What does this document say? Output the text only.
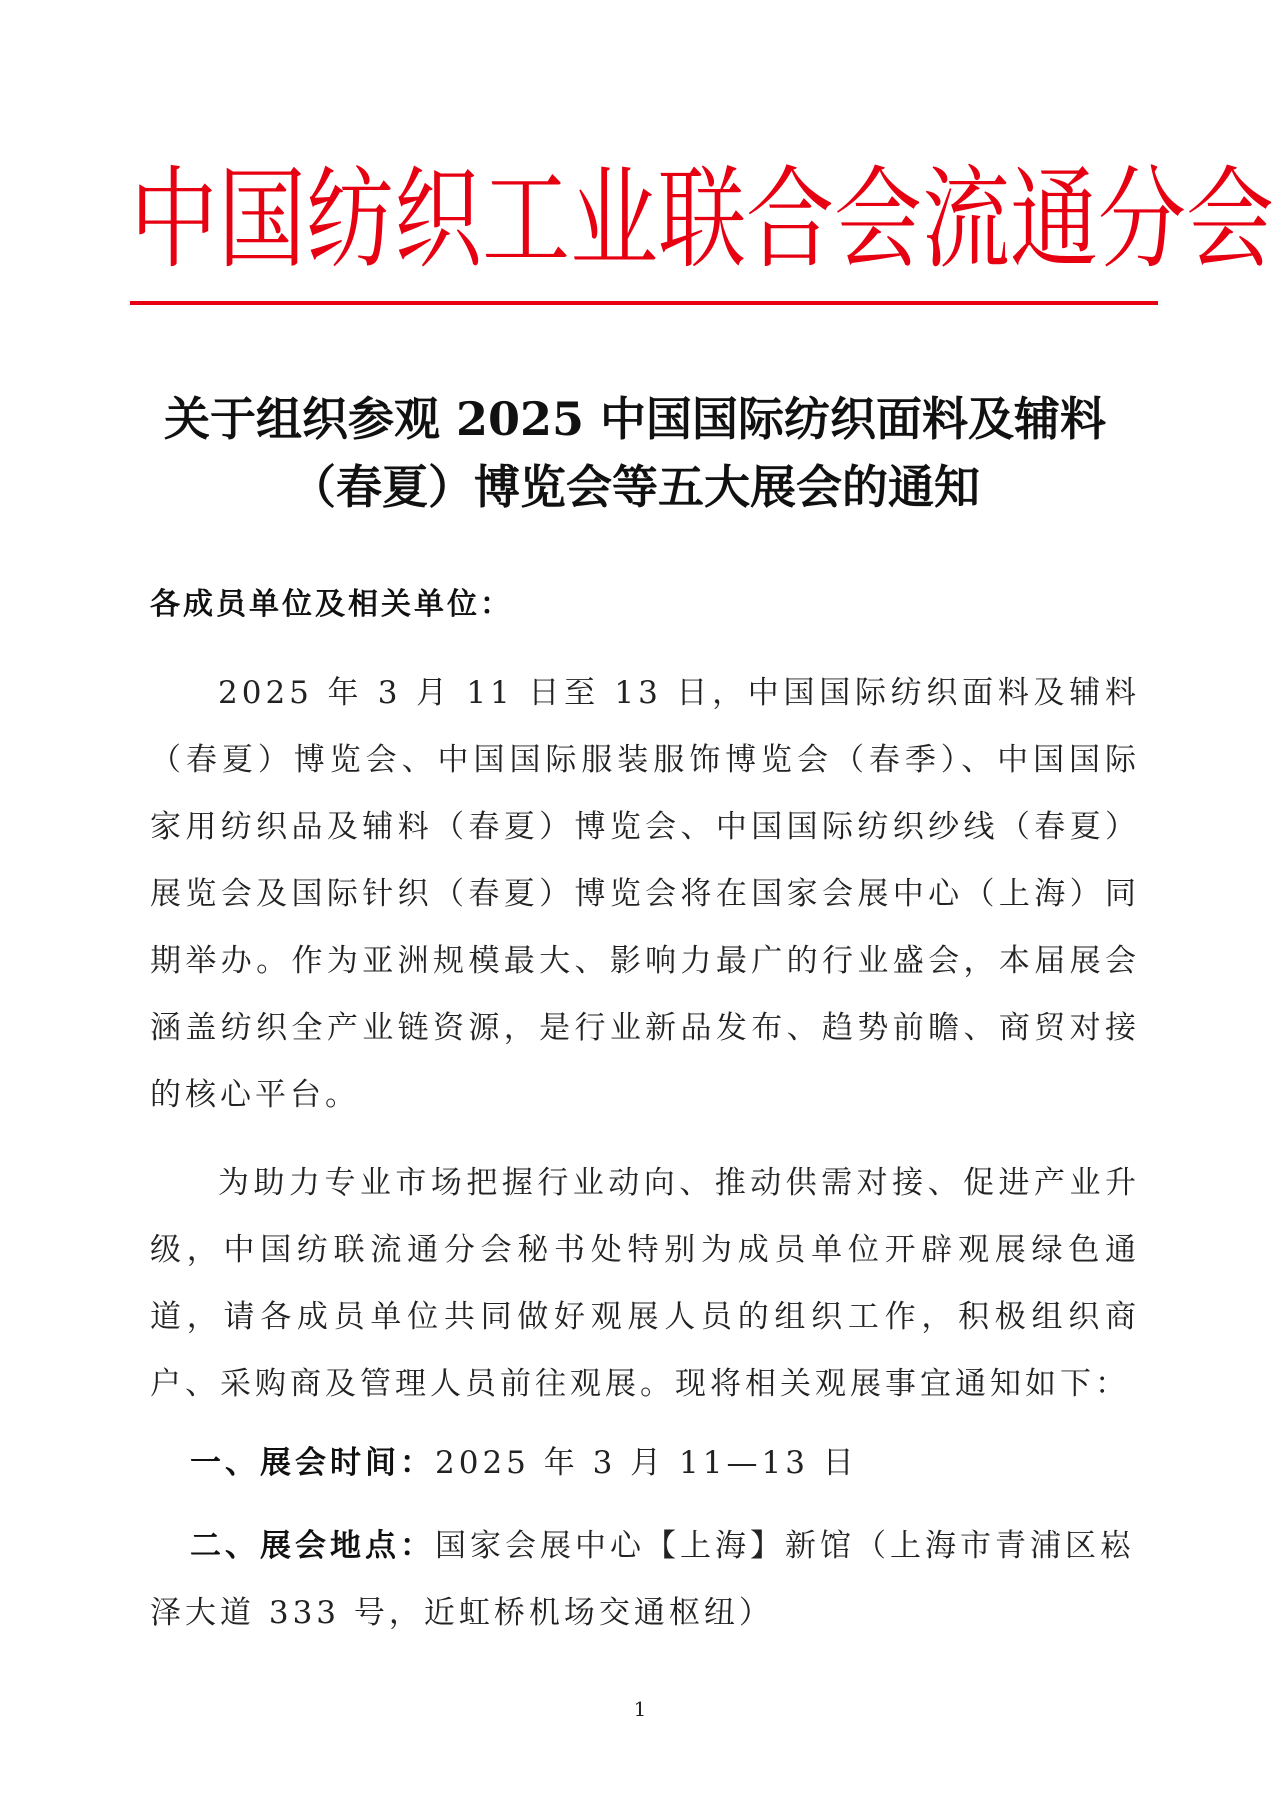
中国纺织工业联合会流通分会
关于组织参观 2025 中国国际纺织面料及辅料
（春夏）博览会等五大展会的通知
各成员单位及相关单位：
2025 年 3 月 11 日至 13 日，中国国际纺织面料及辅料（春夏）博览会、中国国际服装服饰博览会（春季）、中国国际家用纺织品及辅料（春夏）博览会、中国国际纺织纱线（春夏）展览会及国际针织（春夏）博览会将在国家会展中心（上海）同期举办。作为亚洲规模最大、影响力最广的行业盛会，本届展会涵盖纺织全产业链资源，是行业新品发布、趋势前瞻、商贸对接的核心平台。
为助力专业市场把握行业动向、推动供需对接、促进产业升级，中国纺联流通分会秘书处特别为成员单位开辟观展绿色通道，请各成员单位共同做好观展人员的组织工作，积极组织商户、采购商及管理人员前往观展。现将相关观展事宜通知如下：
一、展会时间：2025 年 3 月 11—13 日
二、展会地点：国家会展中心【上海】新馆（上海市青浦区崧泽大道 333 号，近虹桥机场交通枢纽）
1
